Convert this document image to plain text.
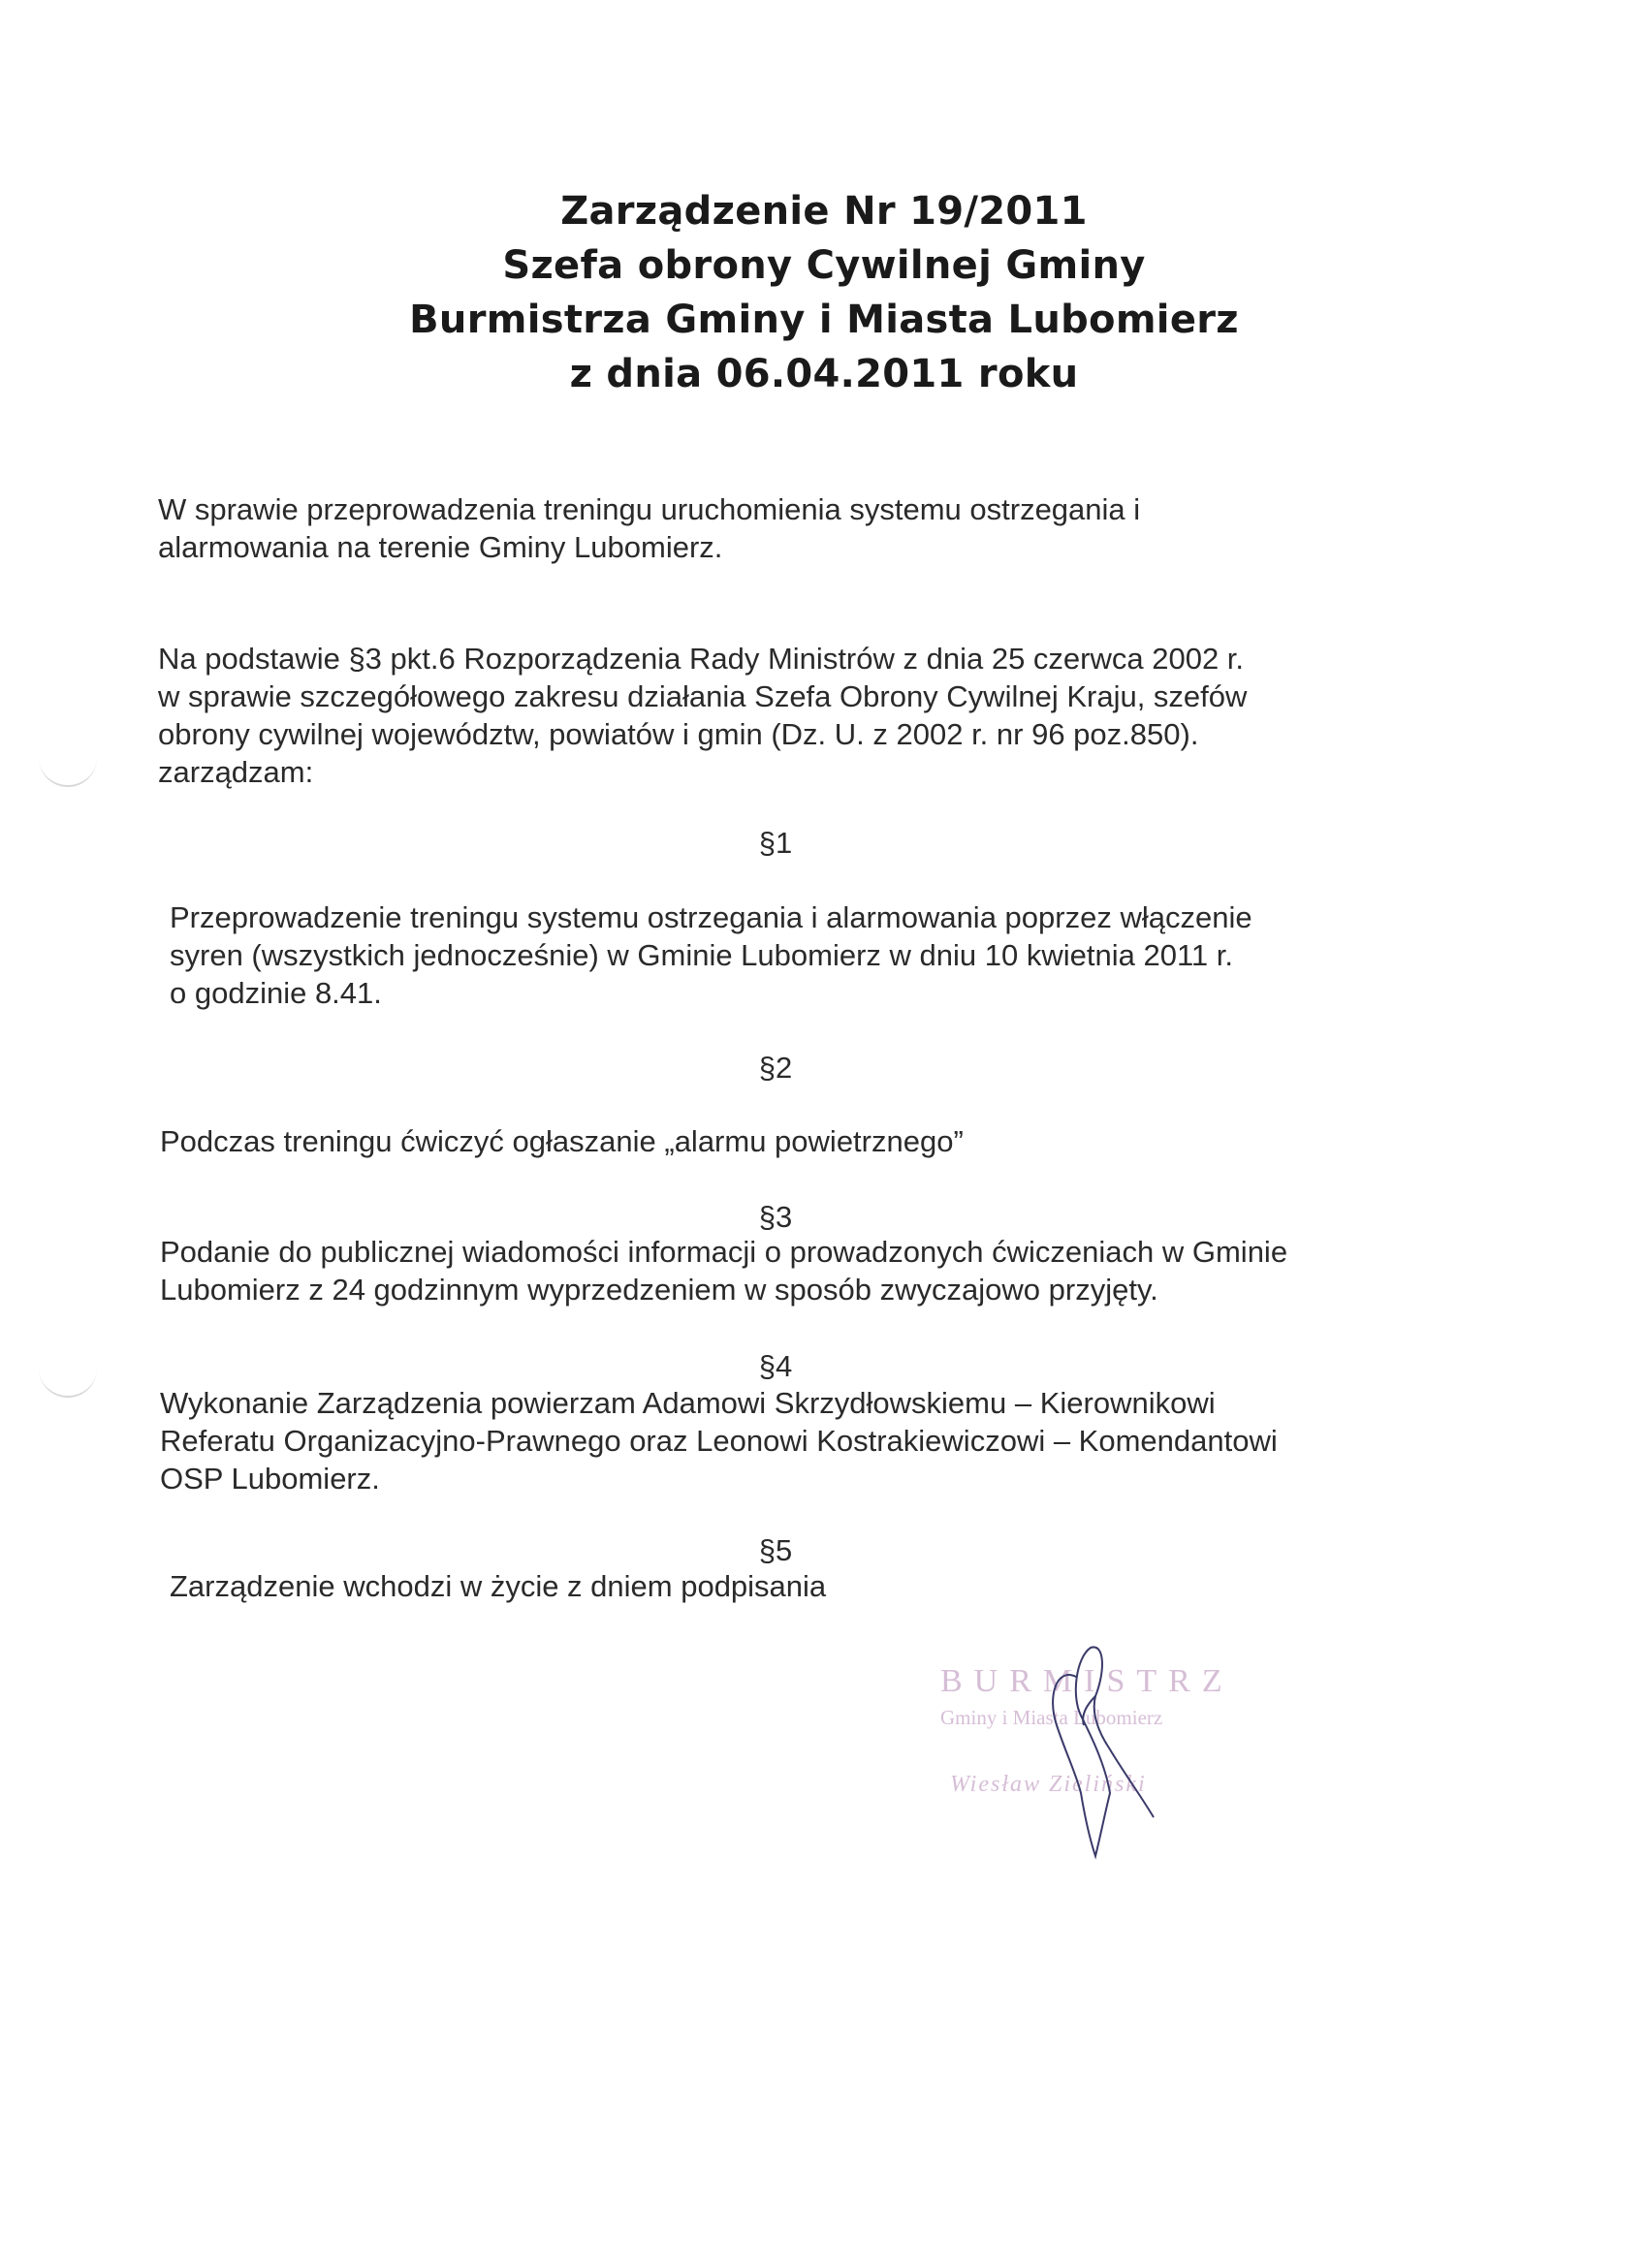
Zarządzenie Nr 19/2011
Szefa obrony Cywilnej Gminy
Burmistrza Gminy i Miasta Lubomierz
z dnia 06.04.2011 roku
W sprawie przeprowadzenia treningu uruchomienia systemu ostrzegania i
alarmowania na terenie Gminy Lubomierz.
Na podstawie §3 pkt.6 Rozporządzenia Rady Ministrów z dnia 25 czerwca 2002 r.
w sprawie szczegółowego zakresu działania Szefa Obrony Cywilnej Kraju, szefów
obrony cywilnej województw, powiatów i gmin (Dz. U. z 2002 r. nr 96 poz.850).
zarządzam:
§1
Przeprowadzenie treningu systemu ostrzegania i alarmowania poprzez włączenie
syren (wszystkich jednocześnie) w Gminie Lubomierz w dniu 10 kwietnia 2011 r.
o godzinie 8.41.
§2
Podczas treningu ćwiczyć ogłaszanie „alarmu powietrznego”
§3
Podanie do publicznej wiadomości informacji o prowadzonych ćwiczeniach w Gminie
Lubomierz z 24 godzinnym wyprzedzeniem w sposób zwyczajowo przyjęty.
§4
Wykonanie Zarządzenia powierzam Adamowi Skrzydłowskiemu – Kierownikowi
Referatu Organizacyjno-Prawnego oraz Leonowi Kostrakiewiczowi – Komendantowi
OSP Lubomierz.
§5
Zarządzenie wchodzi w życie z dniem podpisania
BURMISTRZ
Gminy i Miasta Lubomierz
Wiesław Zieliński
